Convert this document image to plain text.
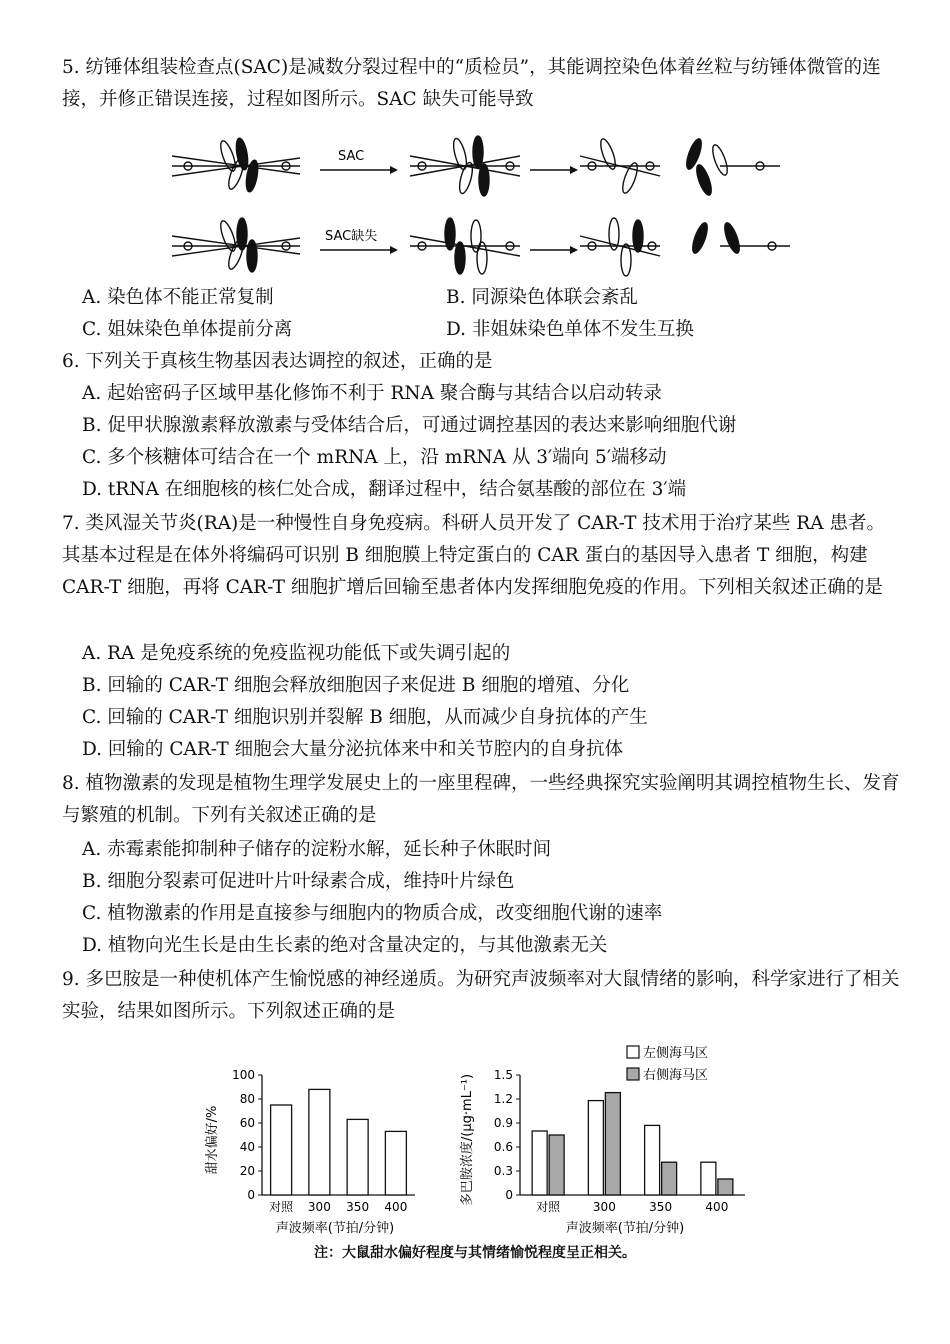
5. 纺锤体组装检查点(SAC)是减数分裂过程中的“质检员”，其能调控染色体着丝粒与纺锤体微管的连接，并修正错误连接，过程如图所示。SAC 缺失可能导致
SAC
SAC缺失
A. 染色体不能正常复制	B. 同源染色体联会紊乱
C. 姐妹染色单体提前分离	D. 非姐妹染色单体不发生互换
6. 下列关于真核生物基因表达调控的叙述，正确的是
A. 起始密码子区域甲基化修饰不利于 RNA 聚合酶与其结合以启动转录
B. 促甲状腺激素释放激素与受体结合后，可通过调控基因的表达来影响细胞代谢
C. 多个核糖体可结合在一个 mRNA 上，沿 mRNA 从 3′端向 5′端移动
D. tRNA 在细胞核的核仁处合成，翻译过程中，结合氨基酸的部位在 3′端
7. 类风湿关节炎(RA)是一种慢性自身免疫病。科研人员开发了 CAR-T 技术用于治疗某些 RA 患者。其基本过程是在体外将编码可识别 B 细胞膜上特定蛋白的 CAR 蛋白的基因导入患者 T 细胞，构建 CAR-T 细胞，再将 CAR-T 细胞扩增后回输至患者体内发挥细胞免疫的作用。下列相关叙述正确的是
A. RA 是免疫系统的免疫监视功能低下或失调引起的
B. 回输的 CAR-T 细胞会释放细胞因子来促进 B 细胞的增殖、分化
C. 回输的 CAR-T 细胞识别并裂解 B 细胞，从而减少自身抗体的产生
D. 回输的 CAR-T 细胞会大量分泌抗体来中和关节腔内的自身抗体
8. 植物激素的发现是植物生理学发展史上的一座里程碑，一些经典探究实验阐明其调控植物生长、发育与繁殖的机制。下列有关叙述正确的是
A. 赤霉素能抑制种子储存的淀粉水解，延长种子休眠时间
B. 细胞分裂素可促进叶片叶绿素合成，维持叶片绿色
C. 植物激素的作用是直接参与细胞内的物质合成，改变细胞代谢的速率
D. 植物向光生长是由生长素的绝对含量决定的，与其他激素无关
9. 多巴胺是一种使机体产生愉悦感的神经递质。为研究声波频率对大鼠情绪的影响，科学家进行了相关实验，结果如图所示。下列叙述正确的是
甜水偏好/%
声波频率(节拍/分钟)
0
20
40
60
80
100
对照 300 350 400
多巴胺浓度/(μg·mL⁻¹)
声波频率(节拍/分钟)
0
0.3
0.6
0.9
1.2
1.5
对照	300	350	400
左侧海马区
右侧海马区
注：大鼠甜水偏好程度与其情绪愉悦程度呈正相关。
